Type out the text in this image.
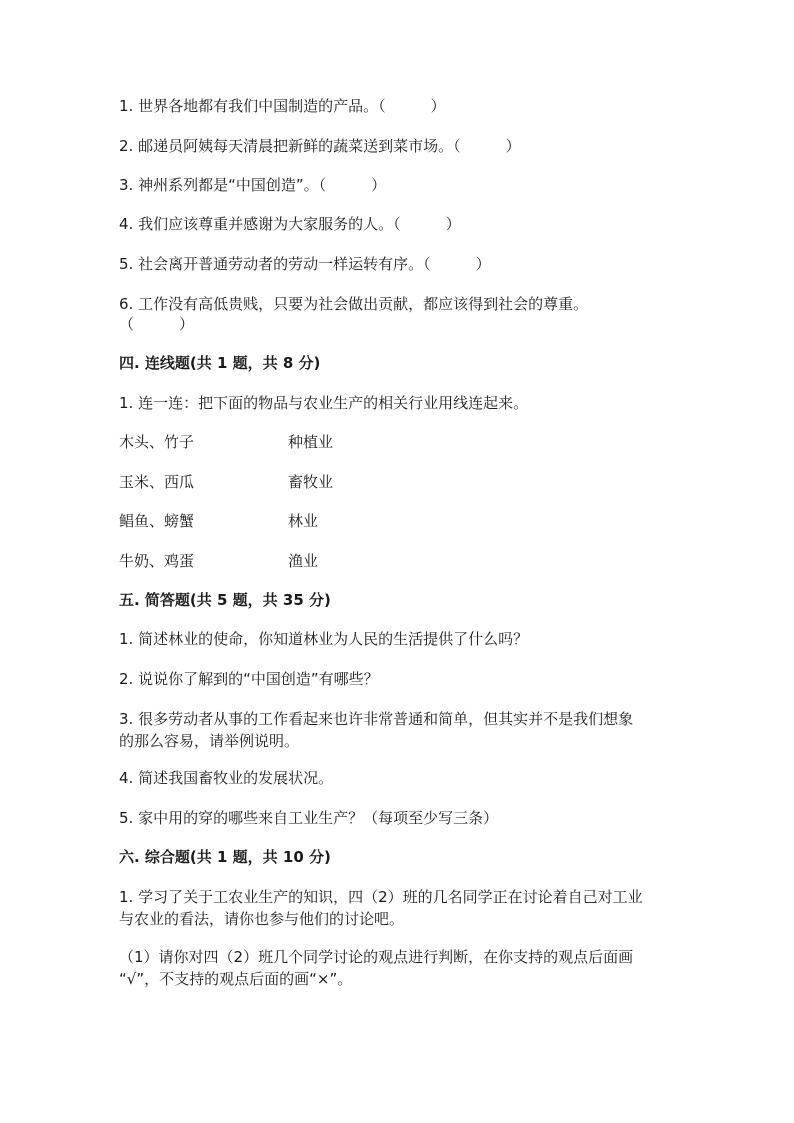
1. 世界各地都有我们中国制造的产品。（　　　）
2. 邮递员阿姨每天清晨把新鲜的蔬菜送到菜市场。（　　　）
3. 神州系列都是“中国创造”。（　　　）
4. 我们应该尊重并感谢为大家服务的人。（　　　）
5. 社会离开普通劳动者的劳动一样运转有序。（　　　）
6. 工作没有高低贵贱，只要为社会做出贡献，都应该得到社会的尊重。
（　　　）
四. 连线题(共 1 题，共 8 分)
1. 连一连：把下面的物品与农业生产的相关行业用线连起来。
木头、竹子	种植业
玉米、西瓜	畜牧业
鲳鱼、螃蟹	林业
牛奶、鸡蛋	渔业
五. 简答题(共 5 题，共 35 分)
1. 简述林业的使命，你知道林业为人民的生活提供了什么吗？
2. 说说你了解到的“中国创造”有哪些？
3. 很多劳动者从事的工作看起来也许非常普通和简单，但其实并不是我们想象
的那么容易，请举例说明。
4. 简述我国畜牧业的发展状况。
5. 家中用的穿的哪些来自工业生产？（每项至少写三条）
六. 综合题(共 1 题，共 10 分)
1. 学习了关于工农业生产的知识，四（2）班的几名同学正在讨论着自己对工业
与农业的看法，请你也参与他们的讨论吧。
（1）请你对四（2）班几个同学讨论的观点进行判断，在你支持的观点后面画
“√”，不支持的观点后面的画“×”。
